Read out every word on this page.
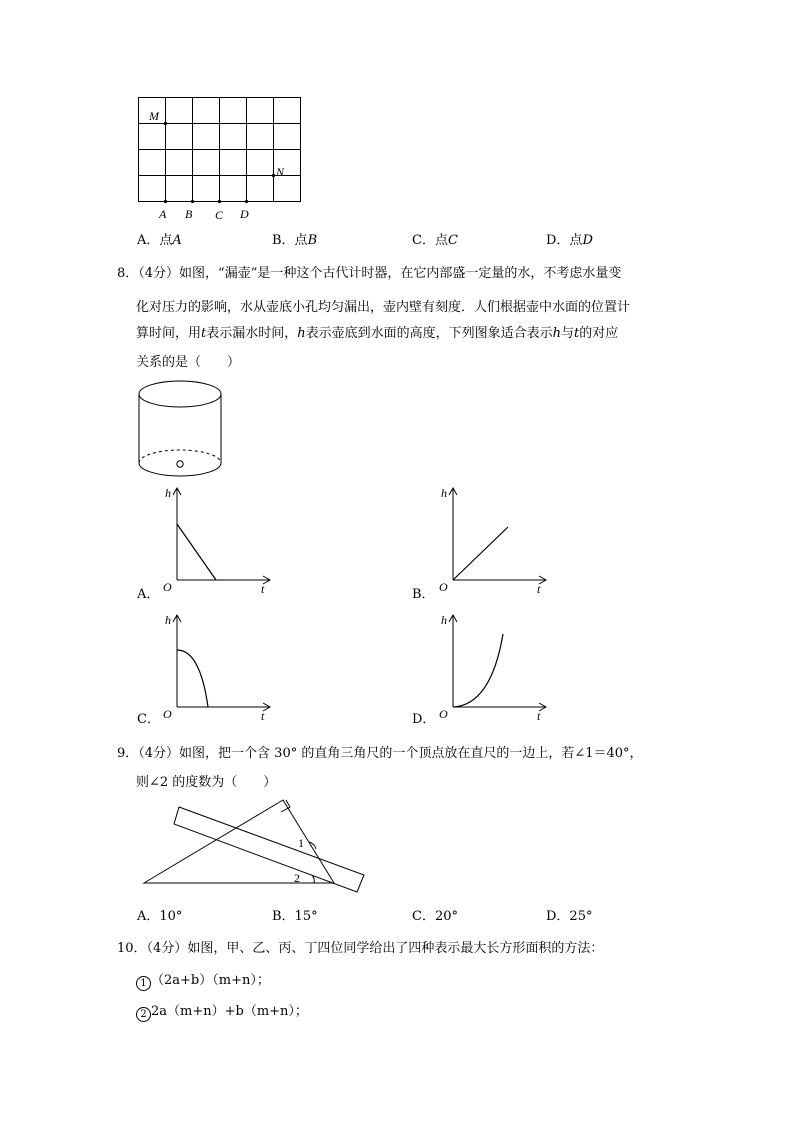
M
N
A B C D
A．点A	B．点B	C．点C	D．点D
8．（4分）如图，“漏壶”是一种这个古代计时器，在它内部盛一定量的水，不考虑水量变
化对压力的影响，水从壶底小孔均匀漏出，壶内壁有刻度．人们根据壶中水面的位置计
算时间，用t表示漏水时间，h表示壶底到水面的高度，下列图象适合表示h与t的对应
关系的是（　　）
h
O	t
A．
h
O	t
B．
h
O	t
C．
h
O	t
D．
9．（4分）如图，把一个含 30° 的直角三角尺的一个顶点放在直尺的一边上，若∠1＝40°，
则∠2 的度数为（　　）
1
2
A．10°	B．15°	C．20°	D．25°
10．（4分）如图，甲、乙、丙、丁四位同学给出了四种表示最大长方形面积的方法：
1 （2a+b）（m+n）；
2 2a（m+n）+b（m+n）；
